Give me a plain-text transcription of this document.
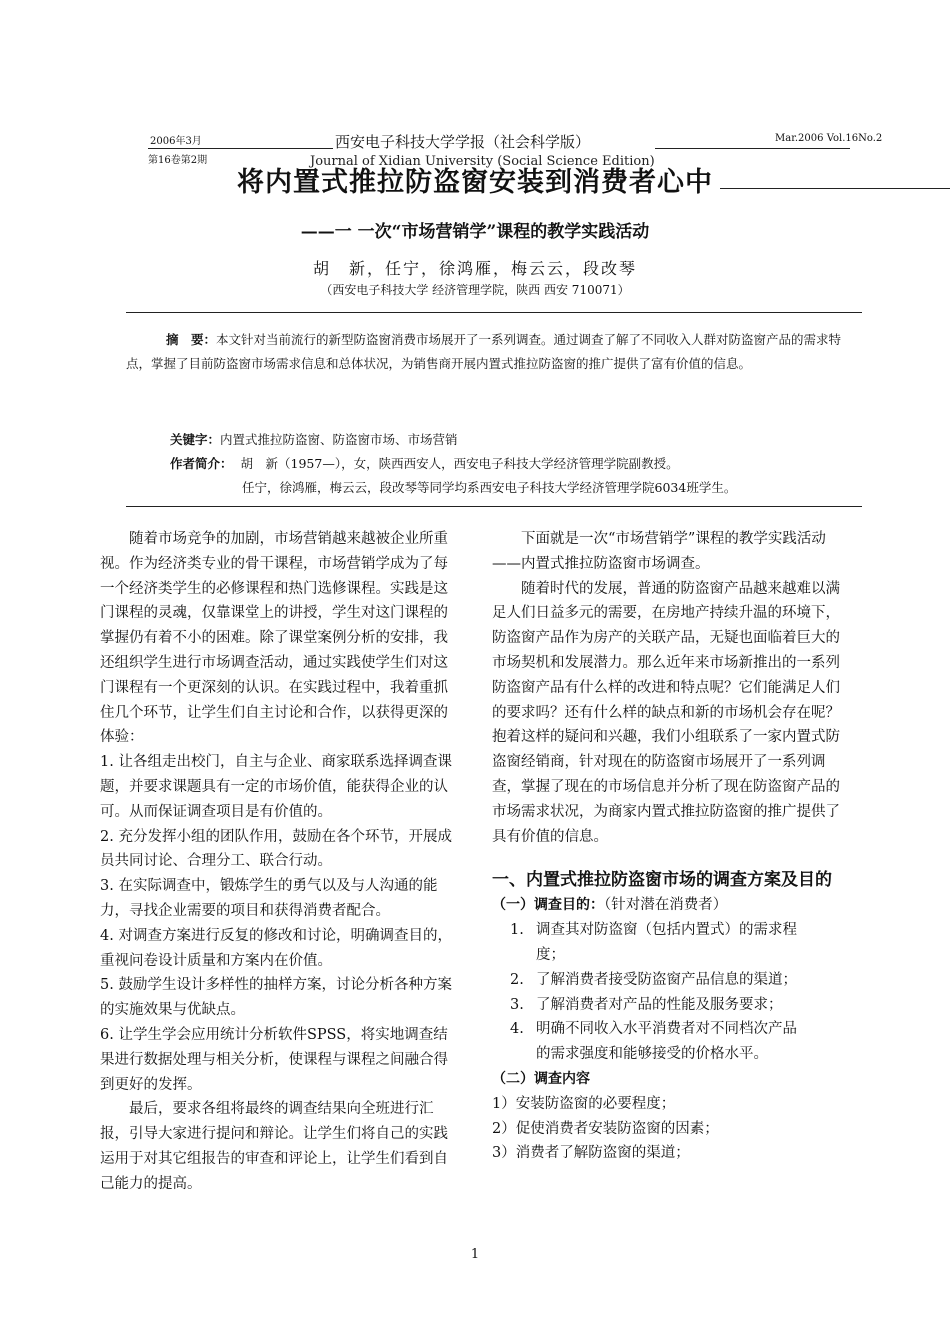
2006年3月
第16卷第2期
西安电子科技大学学报（社会科学版）
Journal of Xidian University (Social Science Edition)
Mar.2006 Vol.16No.2
将内置式推拉防盗窗安装到消费者心中
——一 一次“市场营销学”课程的教学实践活动
胡　新，任宁，徐鸿雁，梅云云，段改琴
（西安电子科技大学 经济管理学院，陕西 西安 710071）
摘　要：本文针对当前流行的新型防盗窗消费市场展开了一系列调查。通过调查了解了不同收入人群对防盗窗产品的需求特点，掌握了目前防盗窗市场需求信息和总体状况，为销售商开展内置式推拉防盗窗的推广提供了富有价值的信息。
关键字：内置式推拉防盗窗、防盗窗市场、市场营销
作者简介： 胡　新（1957—），女，陕西西安人，西安电子科技大学经济管理学院副教授。
任宁，徐鸿雁，梅云云，段改琴等同学均系西安电子科技大学经济管理学院6034班学生。

随着市场竞争的加剧，市场营销越来越被企业所重视。作为经济类专业的骨干课程，市场营销学成为了每一个经济类学生的必修课程和热门选修课程。实践是这门课程的灵魂，仅靠课堂上的讲授，学生对这门课程的掌握仍有着不小的困难。除了课堂案例分析的安排，我还组织学生进行市场调查活动，通过实践使学生们对这门课程有一个更深刻的认识。在实践过程中，我着重抓住几个环节，让学生们自主讨论和合作，以获得更深的体验：

1. 让各组走出校门，自主与企业、商家联系选择调查课题，并要求课题具有一定的市场价值，能获得企业的认可。从而保证调查项目是有价值的。

2. 充分发挥小组的团队作用，鼓励在各个环节，开展成员共同讨论、合理分工、联合行动。

3. 在实际调查中，锻炼学生的勇气以及与人沟通的能力，寻找企业需要的项目和获得消费者配合。

4. 对调查方案进行反复的修改和讨论，明确调查目的，重视问卷设计质量和方案内在价值。

5. 鼓励学生设计多样性的抽样方案，讨论分析各种方案的实施效果与优缺点。

6. 让学生学会应用统计分析软件SPSS，将实地调查结果进行数据处理与相关分析，使课程与课程之间融合得到更好的发挥。

最后，要求各组将最终的调查结果向全班进行汇报，引导大家进行提问和辩论。让学生们将自己的实践运用于对其它组报告的审查和评论上，让学生们看到自己能力的提高。

下面就是一次“市场营销学”课程的教学实践活动——内置式推拉防盗窗市场调查。

随着时代的发展，普通的防盗窗产品越来越难以满足人们日益多元的需要，在房地产持续升温的环境下，防盗窗产品作为房产的关联产品，无疑也面临着巨大的市场契机和发展潜力。那么近年来市场新推出的一系列防盗窗产品有什么样的改进和特点呢？它们能满足人们的要求吗？还有什么样的缺点和新的市场机会存在呢？抱着这样的疑问和兴趣，我们小组联系了一家内置式防盗窗经销商，针对现在的防盗窗市场展开了一系列调查，掌握了现在的市场信息并分析了现在防盗窗产品的市场需求状况，为商家内置式推拉防盗窗的推广提供了具有价值的信息。

一、内置式推拉防盗窗市场的调查方案及目的

（一）调查目的：（针对潜在消费者）

1. 调查其对防盗窗（包括内置式）的需求程
度；
2. 了解消费者接受防盗窗产品信息的渠道；
3. 了解消费者对产品的性能及服务要求；
4. 明确不同收入水平消费者对不同档次产品
的需求强度和能够接受的价格水平。

（二）调查内容

1）安装防盗窗的必要程度；

2）促使消费者安装防盗窗的因素；

3）消费者了解防盗窗的渠道；

1
